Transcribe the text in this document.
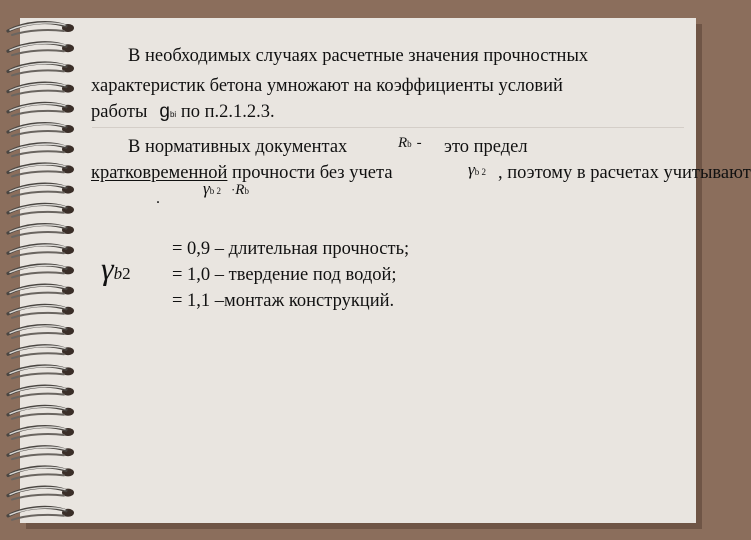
В необходимых случаях расчетные значения прочностных
характеристик бетона умножают на коэффициенты условий
работы gbi по п.2.1.2.3.
В нормативных документах	Rb - это предел
кратковременной прочности без учета	γb 2 , поэтому в расчетах учитывают
.
γb 2 ·Rb
γb2
= 0,9 – длительная прочность;
= 1,0 – твердение под водой;
= 1,1 –монтаж конструкций.
